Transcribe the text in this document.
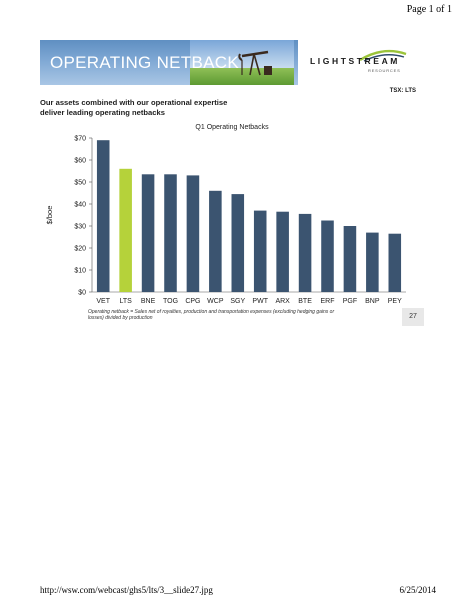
Page 1 of 1
OPERATING NETBACK	LIGHTSTREAM
RESOURCES
TSX: LTS
Our assets combined with our operational expertise
deliver leading operating netbacks
Q1 Operating Netbacks
$/boe
$0
$10
$20
$30
$40
$50
$60
$70
VET LTS BNE TOG CPG WCP SGY PWT ARX BTE ERF PGF BNP PEY
Operating netback = Sales net of royalties, production and transportation expenses (excluding hedging gains or
losses) divided by production	27
http://wsw.com/webcast/ghs5/lts/3__slide27.jpg	6/25/2014
